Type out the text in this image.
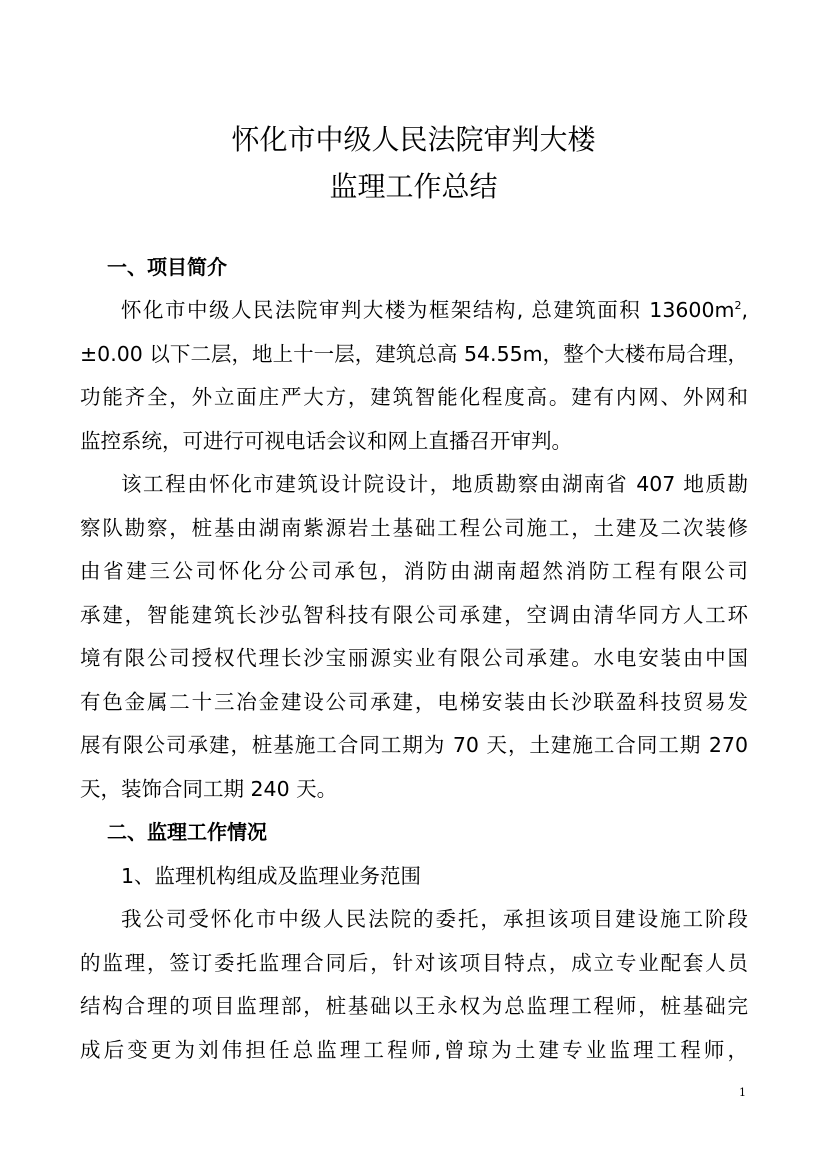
怀化市中级人民法院审判大楼
监理工作总结
一、项目简介
怀化市中级人民法院审判大楼为框架结构, 总建筑面积 $13600m^2$,
±0.00 以下二层，地上十一层，建筑总高 54.55m，整个大楼布局合理，
功能齐全，外立面庄严大方，建筑智能化程度高。建有内网、外网和
监控系统，可进行可视电话会议和网上直播召开审判。
该工程由怀化市建筑设计院设计，地质勘察由湖南省 407 地质勘
察队勘察，桩基由湖南紫源岩土基础工程公司施工，土建及二次装修
由省建三公司怀化分公司承包，消防由湖南超然消防工程有限公司
承建，智能建筑长沙弘智科技有限公司承建，空调由清华同方人工环
境有限公司授权代理长沙宝丽源实业有限公司承建。水电安装由中国
有色金属二十三冶金建设公司承建，电梯安装由长沙联盈科技贸易发
展有限公司承建，桩基施工合同工期为 70 天，土建施工合同工期 270
天，装饰合同工期 240 天。
二、监理工作情况
1、监理机构组成及监理业务范围
我公司受怀化市中级人民法院的委托，承担该项目建设施工阶段
的监理，签订委托监理合同后，针对该项目特点，成立专业配套人员
结构合理的项目监理部，桩基础以王永权为总监理工程师，桩基础完
成后变更为刘伟担任总监理工程师,曾琼为土建专业监理工程师，
1
